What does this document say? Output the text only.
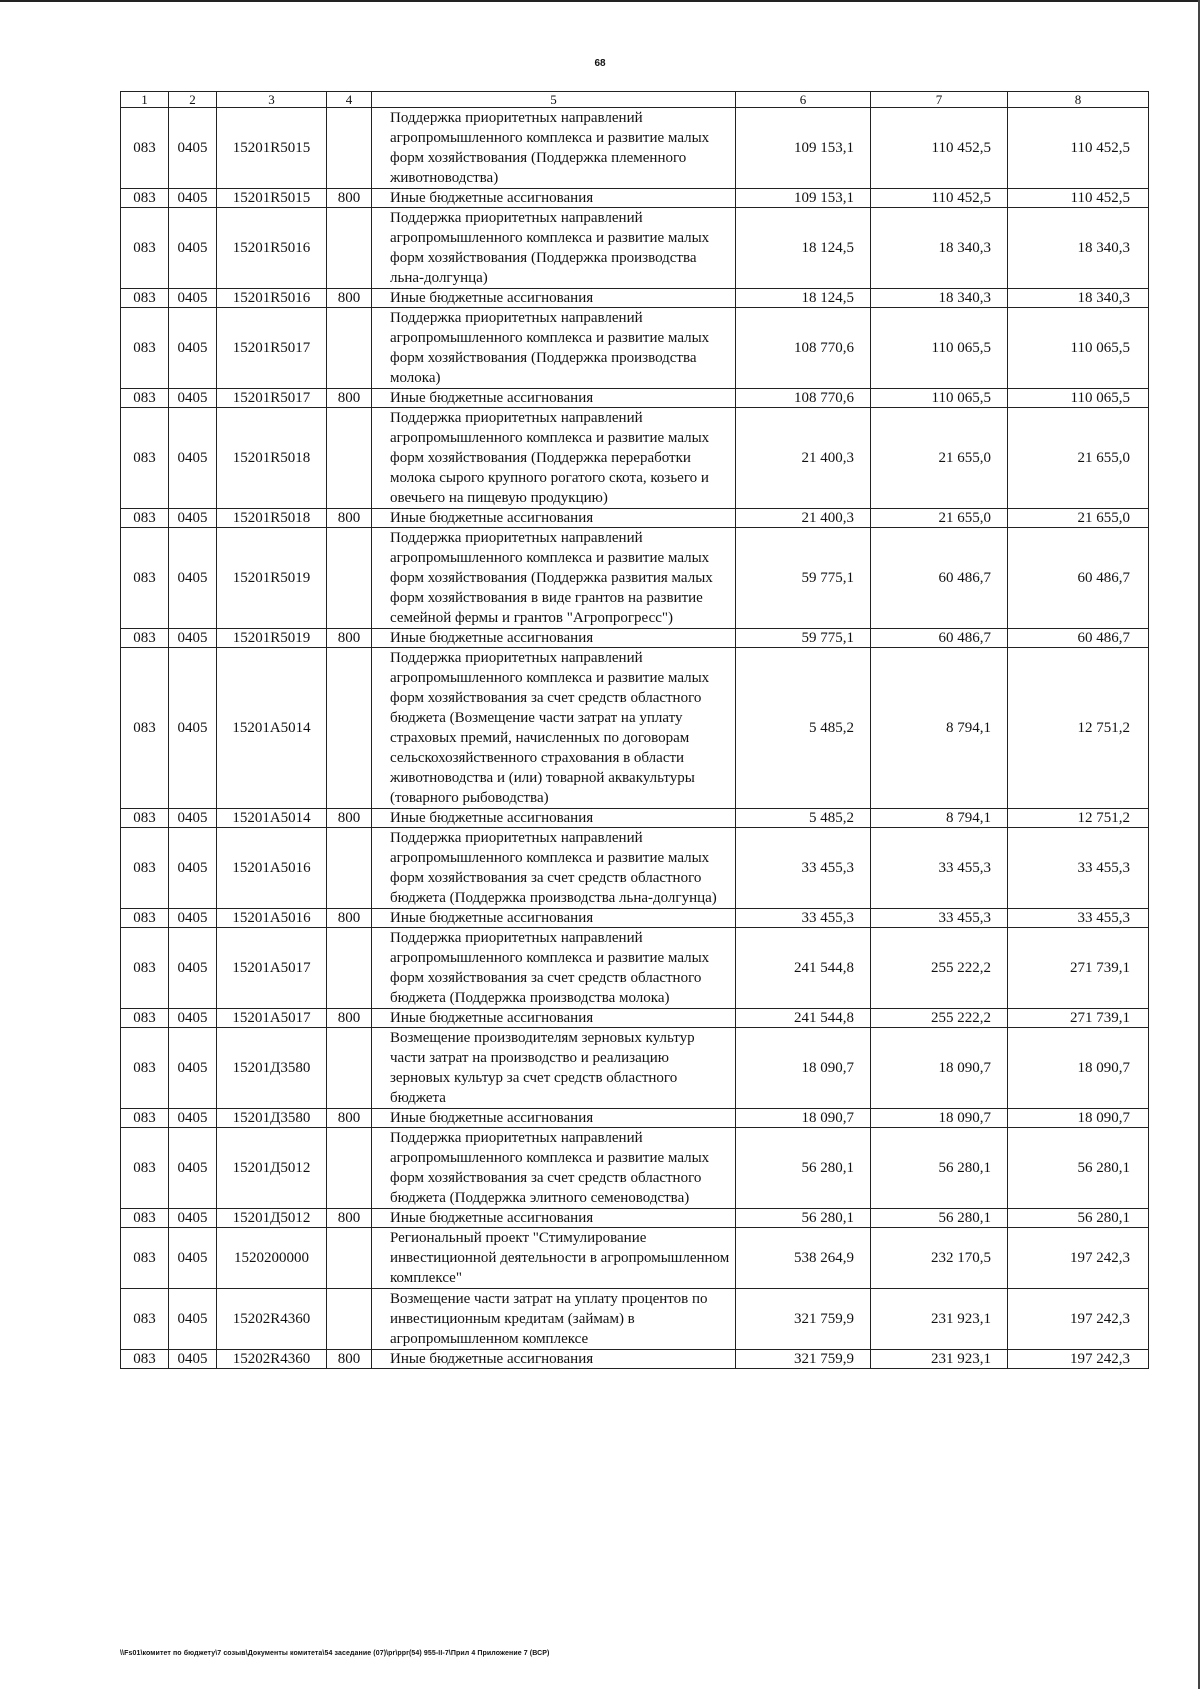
68
1	2	3	4	5	6	7	8
083	0405	15201R5015		Поддержка приоритетных направлений агропромышленного комплекса и развитие малых форм хозяйствования (Поддержка племенного животноводства)	109 153,1	110 452,5	110 452,5
083	0405	15201R5015	800	Иные бюджетные ассигнования	109 153,1	110 452,5	110 452,5
083	0405	15201R5016		Поддержка приоритетных направлений агропромышленного комплекса и развитие малых форм хозяйствования (Поддержка производства льна-долгунца)	18 124,5	18 340,3	18 340,3
083	0405	15201R5016	800	Иные бюджетные ассигнования	18 124,5	18 340,3	18 340,3
083	0405	15201R5017		Поддержка приоритетных направлений агропромышленного комплекса и развитие малых форм хозяйствования (Поддержка производства молока)	108 770,6	110 065,5	110 065,5
083	0405	15201R5017	800	Иные бюджетные ассигнования	108 770,6	110 065,5	110 065,5
083	0405	15201R5018		Поддержка приоритетных направлений агропромышленного комплекса и развитие малых форм хозяйствования (Поддержка переработки молока сырого крупного рогатого скота, козьего и овечьего на пищевую продукцию)	21 400,3	21 655,0	21 655,0
083	0405	15201R5018	800	Иные бюджетные ассигнования	21 400,3	21 655,0	21 655,0
083	0405	15201R5019		Поддержка приоритетных направлений агропромышленного комплекса и развитие малых форм хозяйствования (Поддержка развития малых форм хозяйствования в виде грантов на развитие семейной фермы и грантов "Агропрогресс")	59 775,1	60 486,7	60 486,7
083	0405	15201R5019	800	Иные бюджетные ассигнования	59 775,1	60 486,7	60 486,7
083	0405	15201A5014		Поддержка приоритетных направлений агропромышленного комплекса и развитие малых форм хозяйствования за счет средств областного бюджета (Возмещение части затрат на уплату страховых премий, начисленных по договорам сельскохозяйственного страхования в области животноводства и (или) товарной аквакультуры (товарного рыбоводства)	5 485,2	8 794,1	12 751,2
083	0405	15201A5014	800	Иные бюджетные ассигнования	5 485,2	8 794,1	12 751,2
083	0405	15201A5016		Поддержка приоритетных направлений агропромышленного комплекса и развитие малых форм хозяйствования за счет средств областного бюджета (Поддержка производства льна-долгунца)	33 455,3	33 455,3	33 455,3
083	0405	15201A5016	800	Иные бюджетные ассигнования	33 455,3	33 455,3	33 455,3
083	0405	15201A5017		Поддержка приоритетных направлений агропромышленного комплекса и развитие малых форм хозяйствования за счет средств областного бюджета (Поддержка производства молока)	241 544,8	255 222,2	271 739,1
083	0405	15201A5017	800	Иные бюджетные ассигнования	241 544,8	255 222,2	271 739,1
083	0405	15201Д3580		Возмещение производителям зерновых культур части затрат на производство и реализацию зерновых культур за счет средств областного бюджета	18 090,7	18 090,7	18 090,7
083	0405	15201Д3580	800	Иные бюджетные ассигнования	18 090,7	18 090,7	18 090,7
083	0405	15201Д5012		Поддержка приоритетных направлений агропромышленного комплекса и развитие малых форм хозяйствования за счет средств областного бюджета (Поддержка элитного семеноводства)	56 280,1	56 280,1	56 280,1
083	0405	15201Д5012	800	Иные бюджетные ассигнования	56 280,1	56 280,1	56 280,1
083	0405	1520200000		Региональный проект "Стимулирование инвестиционной деятельности в агропромышленном комплексе"	538 264,9	232 170,5	197 242,3
083	0405	15202R4360		Возмещение части затрат на уплату процентов по инвестиционным кредитам (займам) в агропромышленном комплексе	321 759,9	231 923,1	197 242,3
083	0405	15202R4360	800	Иные бюджетные ассигнования	321 759,9	231 923,1	197 242,3
\\Fs01\комитет по бюджету\7 созыв\Документы комитета\54 заседание (07)\pr\ppr(54) 955-II-7\Прил 4 Приложение 7 (ВСР)
